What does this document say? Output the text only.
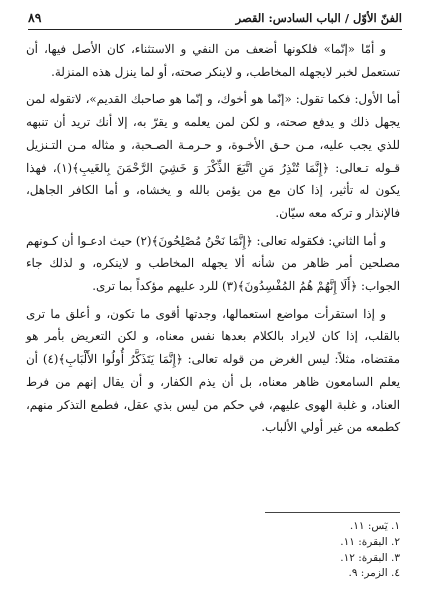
الفنّ الأوّل / الباب السادس: القصر
٨٩

و أمّا «إنّما» فلكونها أضعف من النفي و الاستثناء، كان الأصل فيها، أن تستعمل لخبر لايجهله المخاطب، و لاينكر صحته، أو لما ينزل هذه المنزلة.

أما الأول: فكما تقول: «إنّما هو أخوك، و إنّما هو صاحبك القديم»، لاتقوله لمن يجهل ذلك و يدفع صحته، و لكن لمن يعلمه و يقرّ به، إلا أنك تريد أن تنبهه للذي يجب عليه، مـن حـق الأخـوة، و حـرمـة الصـحبة، و مثاله مـن التـنزيل قـوله تـعالى: ﴿إِنَّمَا تُنْذِرُ مَنِ اتَّبَعَ الذِّكْرَ وَ خَشِيَ الرَّحْمَنَ بِالغَيبِ﴾(١)، فهذا يكون له تأثير، إذا كان مع من يؤمن بالله و يخشاه، و أما الكافر الجاهل، فالإنذار و تركه معه سيّان.

و أما الثاني: فكقوله تعالى: ﴿إِنَّمَا نَحْنُ مُصْلِحُونَ﴾(٢) حيث ادعـوا أن كـونهم مصلحين أمر ظاهر من شأنه ألا يجهله المخاطب و لاينكره، و لذلك جاء الجواب: ﴿أَلَا إِنَّهُمْ هُمُ المُفْسِدُونَ﴾(٣) للرد عليهم مؤكداً بما ترى.

و إذا استقرأت مواضع استعمالها، وجدتها أقوى ما تكون، و أعلق ما ترى بالقلب، إذا كان لايراد بالكلام بعدها نفس معناه، و لكن التعريض بأمر هو مقتضاه، مثلاً: ليس الغرض من قوله تعالى: ﴿إِنَّمَا يَتَذَكَّرُ أُولُوا الأَلْبَابِ﴾(٤) أن يعلم السامعون ظاهر معناه، بل أن يذم الكفار، و أن يقال إنهم من فرط العناد، و غلبة الهوى عليهم، في حكم من ليس بذي عقل، فطمع التذكر منهم، كطمعه من غير أولي الألباب.

١. يٓس: ١١.
٢. البقرة: ١١.
٣. البقرة: ١٢.
٤. الزمر: ٩.
